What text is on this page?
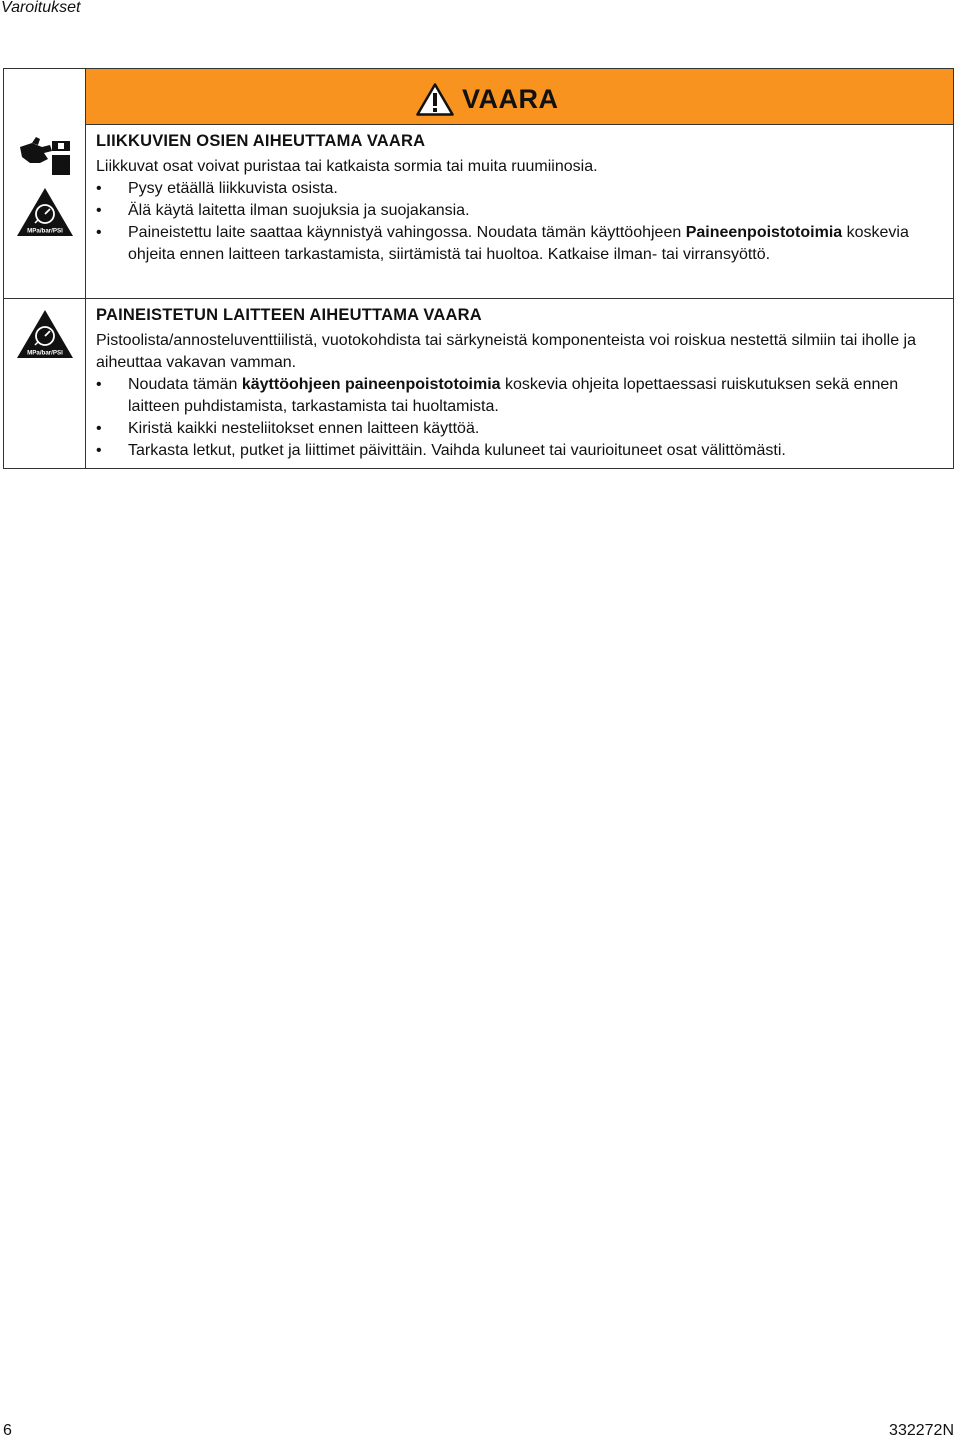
Varoitukset
MPa/bar/PSI
MPa/bar/PSI
VAARA
LIIKKUVIEN OSIEN AIHEUTTAMA VAARA

Liikkuvat osat voivat puristaa tai katkaista sormia tai muita ruumiinosia.

• Pysy etäällä liikkuvista osista.
• Älä käytä laitetta ilman suojuksia ja suojakansia.
• Paineistettu laite saattaa käynnistyä vahingossa. Noudata tämän käyttöohjeen Paineenpoistotoimia koskevia ohjeita ennen laitteen tarkastamista, siirtämistä tai huoltoa. Katkaise ilman- tai virransyöttö.
PAINEISTETUN LAITTEEN AIHEUTTAMA VAARA

Pistoolista/annosteluventtiilistä, vuotokohdista tai särkyneistä komponenteista voi roiskua nestettä silmiin tai iholle ja aiheuttaa vakavan vamman.

• Noudata tämän käyttöohjeen paineenpoistotoimia koskevia ohjeita lopettaessasi ruiskutuksen sekä ennen laitteen puhdistamista, tarkastamista tai huoltamista.
• Kiristä kaikki nesteliitokset ennen laitteen käyttöä.
• Tarkasta letkut, putket ja liittimet päivittäin. Vaihda kuluneet tai vaurioituneet osat välittömästi.
6	332272N
